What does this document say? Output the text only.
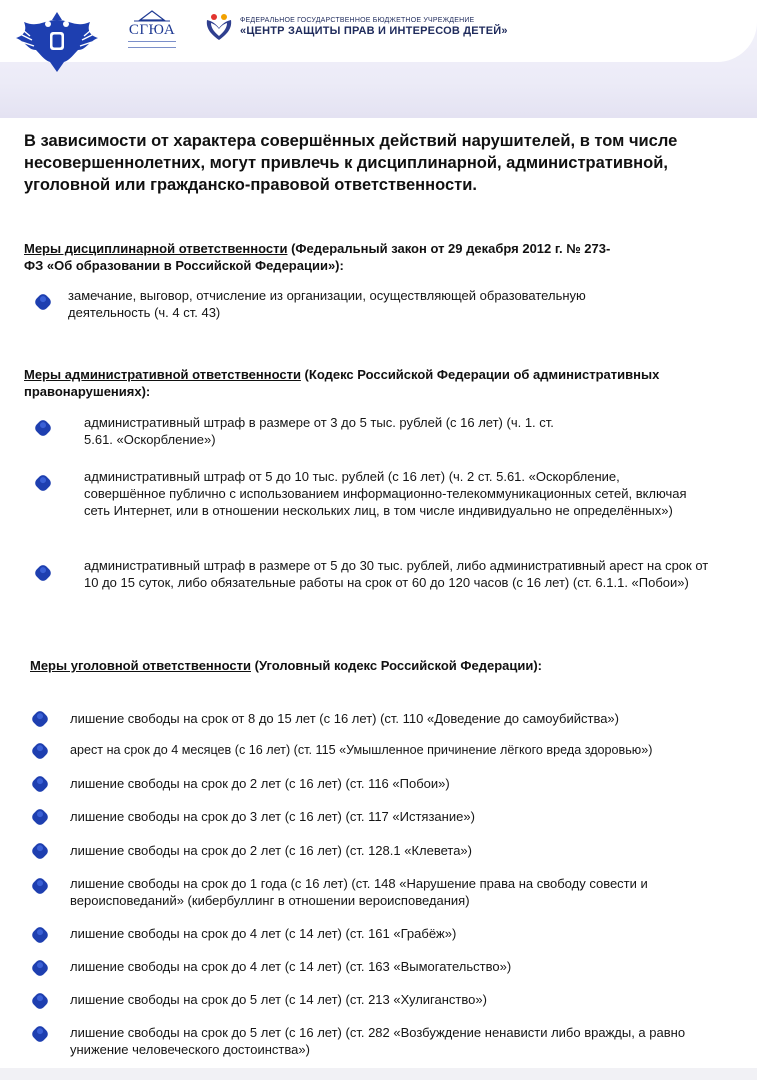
СГЮА
ФЕДЕРАЛЬНОЕ ГОСУДАРСТВЕННОЕ БЮДЖЕТНОЕ УЧРЕЖДЕНИЕ
«ЦЕНТР ЗАЩИТЫ ПРАВ И ИНТЕРЕСОВ ДЕТЕЙ»
В зависимости от характера совершённых действий нарушителей, в том числе несовершеннолетних, могут привлечь к дисциплинарной, административной, уголовной или гражданско-правовой ответственности.
Меры дисциплинарной ответственности (Федеральный закон от 29 декабря 2012 г. № 273-ФЗ «Об образовании в Российской Федерации»):
замечание, выговор, отчисление из организации, осуществляющей образовательную деятельность (ч. 4 ст. 43)
Меры административной ответственности (Кодекс Российской Федерации об административных правонарушениях):
административный штраф в размере от 3 до 5 тыс. рублей (с 16 лет) (ч. 1. ст. 5.61. «Оскорбление»)
административный штраф от 5 до 10 тыс. рублей (с 16 лет) (ч. 2 ст. 5.61. «Оскорбление, совершённое публично с использованием информационно-телекоммуникационных сетей, включая сеть Интернет, или в отношении нескольких лиц, в том числе индивидуально не определённых»)
административный штраф в размере от 5 до 30 тыс. рублей, либо административный арест на срок от 10 до 15 суток, либо обязательные работы на срок от 60 до 120 часов (с 16 лет) (ст. 6.1.1. «Побои»)
Меры уголовной ответственности (Уголовный кодекс Российской Федерации):
лишение свободы на срок от 8 до 15 лет (с 16 лет) (ст. 110 «Доведение до самоубийства»)
арест на срок до 4 месяцев (с 16 лет) (ст. 115 «Умышленное причинение лёгкого вреда здоровью»)
лишение свободы на срок до 2 лет (с 16 лет) (ст. 116 «Побои»)
лишение свободы на срок до 3 лет (с 16 лет) (ст. 117 «Истязание»)
лишение свободы на срок до 2 лет (с 16 лет) (ст. 128.1 «Клевета»)
лишение свободы на срок до 1 года (с 16 лет) (ст. 148 «Нарушение права на свободу совести и вероисповеданий» (кибербуллинг в отношении вероисповедания)
лишение свободы на срок до 4 лет (с 14 лет) (ст. 161 «Грабёж»)
лишение свободы на срок до 4 лет (с 14 лет) (ст. 163 «Вымогательство»)
лишение свободы на срок до 5 лет (с 14 лет) (ст. 213 «Хулиганство»)
лишение свободы на срок до 5 лет (с 16 лет) (ст. 282 «Возбуждение ненависти либо вражды, а равно унижение человеческого достоинства»)
